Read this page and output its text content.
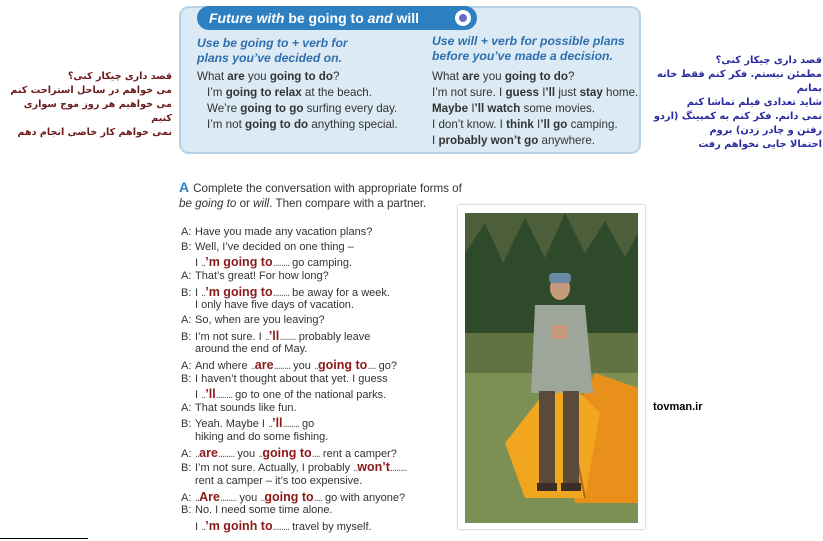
قصد داری چیکار کنی؟
می خواهم در ساحل استراحت کنم
می خواهیم هر روز موج سواری کنیم
نمی خواهم کار خاصی انجام دهم
قصد داری چیکار کنی؟
مطمئن نیستم. فکر کنم فقط خانه بمانم
شاید تعدادی فیلم تماشا کنم
نمی دانم. فکر کنم به کمپینگ (اردو
رفتن و چادر زدن) بروم
احتمالا جایی نخواهم رفت
Future with be going to and will
Use be going to + verb for
plans you’ve decided on.
Use will + verb for possible plans
before you’ve made a decision.
What are you going to do?
I’m going to relax at the beach.
We’re going to go surfing every day.
I’m not going to do anything special.
What are you going to do?
I’m not sure. I guess I’ll just stay home.
Maybe I’ll watch some movies.
I don’t know. I think I’ll go camping.
I probably won’t go anywhere.
A Complete the conversation with appropriate forms of
be going to or will. Then compare with a partner.
A: Have you made any vacation plans?
B: Well, I’ve decided on one thing –
I ..’m going to........ go camping.
A: That’s great! For how long?
B: I ..’m going to........ be away for a week.
I only have five days of vacation.
A: So, when are you leaving?
B: I’m not sure. I ..’ll........ probably leave
around the end of May.
A: And where ..are........ you ..going to.... go?
B: I haven’t thought about that yet. I guess
I ..’ll........ go to one of the national parks.
A: That sounds like fun.
B: Yeah. Maybe I ..’ll........ go
hiking and do some fishing.
A: ..are........ you ..going to.... rent a camper?
B: I’m not sure. Actually, I probably ..won’t........
rent a camper – it’s too expensive.
A: ..Are........ you ..going to.... go with anyone?
B: No. I need some time alone.
I ..’m goinh to........ travel by myself.
tovman.ir
